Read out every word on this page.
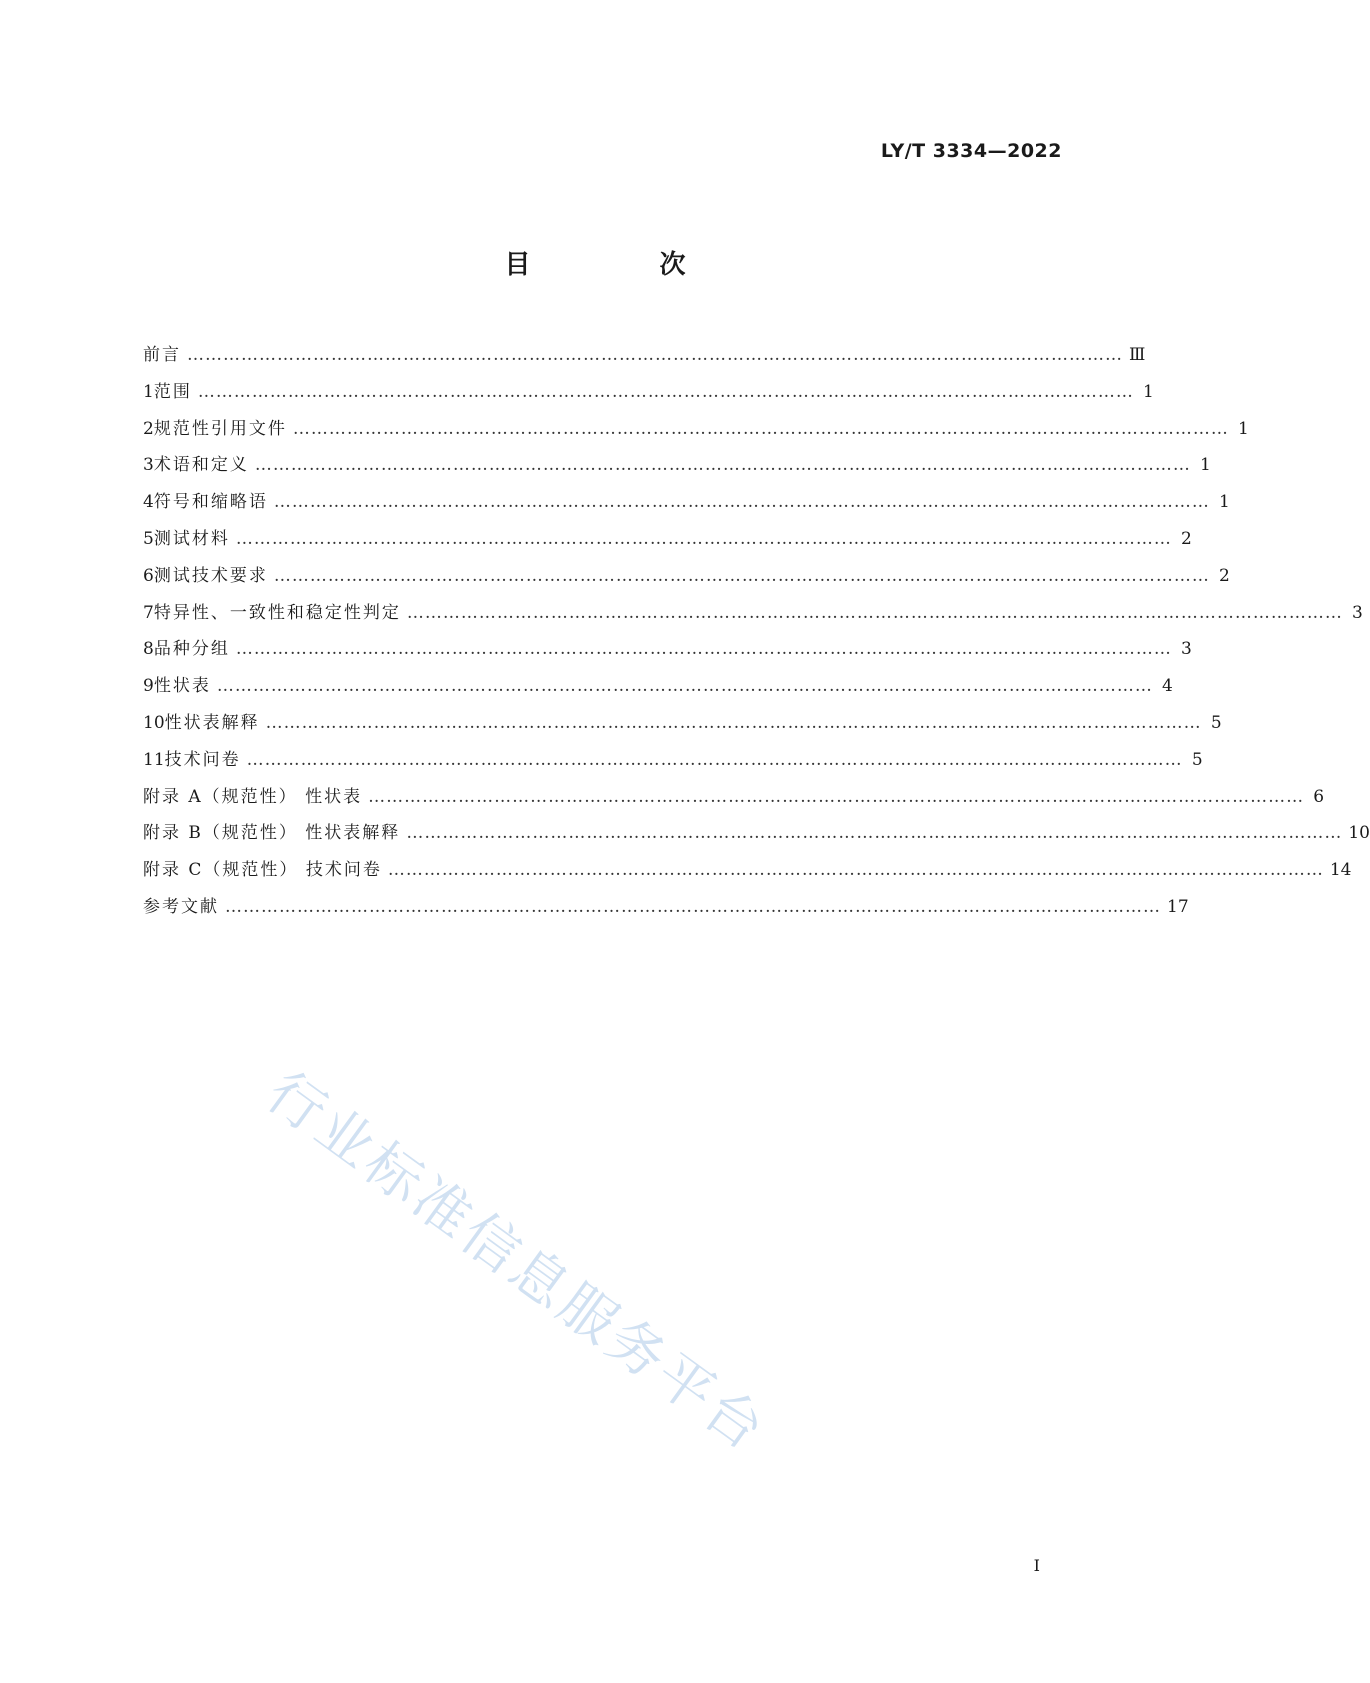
LY/T 3334—2022
目 次
前言 ………………………………………………………………………………………………………………………………………… Ⅲ
1 范围 ………………………………………………………………………………………………………………………………………… 1
2 规范性引用文件 ………………………………………………………………………………………………………………………………………… 1
3 术语和定义 ………………………………………………………………………………………………………………………………………… 1
4 符号和缩略语 ………………………………………………………………………………………………………………………………………… 1
5 测试材料 ………………………………………………………………………………………………………………………………………… 2
6 测试技术要求 ………………………………………………………………………………………………………………………………………… 2
7 特异性、一致性和稳定性判定 ………………………………………………………………………………………………………………………………………… 3
8 品种分组 ………………………………………………………………………………………………………………………………………… 3
9 性状表 ………………………………………………………………………………………………………………………………………… 4
10 性状表解释 ………………………………………………………………………………………………………………………………………… 5
11 技术问卷 ………………………………………………………………………………………………………………………………………… 5
附录 A（规范性） 性状表 ………………………………………………………………………………………………………………………………………… 6
附录 B（规范性） 性状表解释 ………………………………………………………………………………………………………………………………………… 10
附录 C（规范性） 技术问卷 ………………………………………………………………………………………………………………………………………… 14
参考文献 ………………………………………………………………………………………………………………………………………… 17
行业标准信息服务平台
I
